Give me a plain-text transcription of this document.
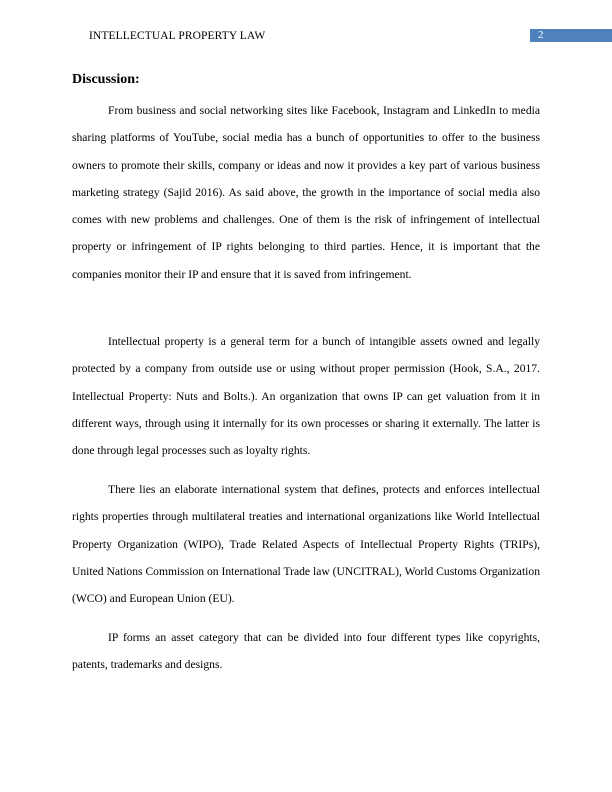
INTELLECTUAL PROPERTY LAW	2
Discussion:

From business and social networking sites like Facebook, Instagram and LinkedIn to media sharing platforms of YouTube, social media has a bunch of opportunities to offer to the business owners to promote their skills, company or ideas and now it provides a key part of various business marketing strategy (Sajid 2016). As said above, the growth in the importance of social media also comes with new problems and challenges. One of them is the risk of infringement of intellectual property or infringement of IP rights belonging to third parties. Hence, it is important that the companies monitor their IP and ensure that it is saved from infringement.

Intellectual property is a general term for a bunch of intangible assets owned and legally protected by a company from outside use or using without proper permission (Hook, S.A., 2017. Intellectual Property: Nuts and Bolts.). An organization that owns IP can get valuation from it in different ways, through using it internally for its own processes or sharing it externally. The latter is done through legal processes such as loyalty rights.

There lies an elaborate international system that defines, protects and enforces intellectual rights properties through multilateral treaties and international organizations like World Intellectual Property Organization (WIPO), Trade Related Aspects of Intellectual Property Rights (TRIPs), United Nations Commission on International Trade law (UNCITRAL), World Customs Organization (WCO) and European Union (EU).

IP forms an asset category that can be divided into four different types like copyrights, patents, trademarks and designs.
